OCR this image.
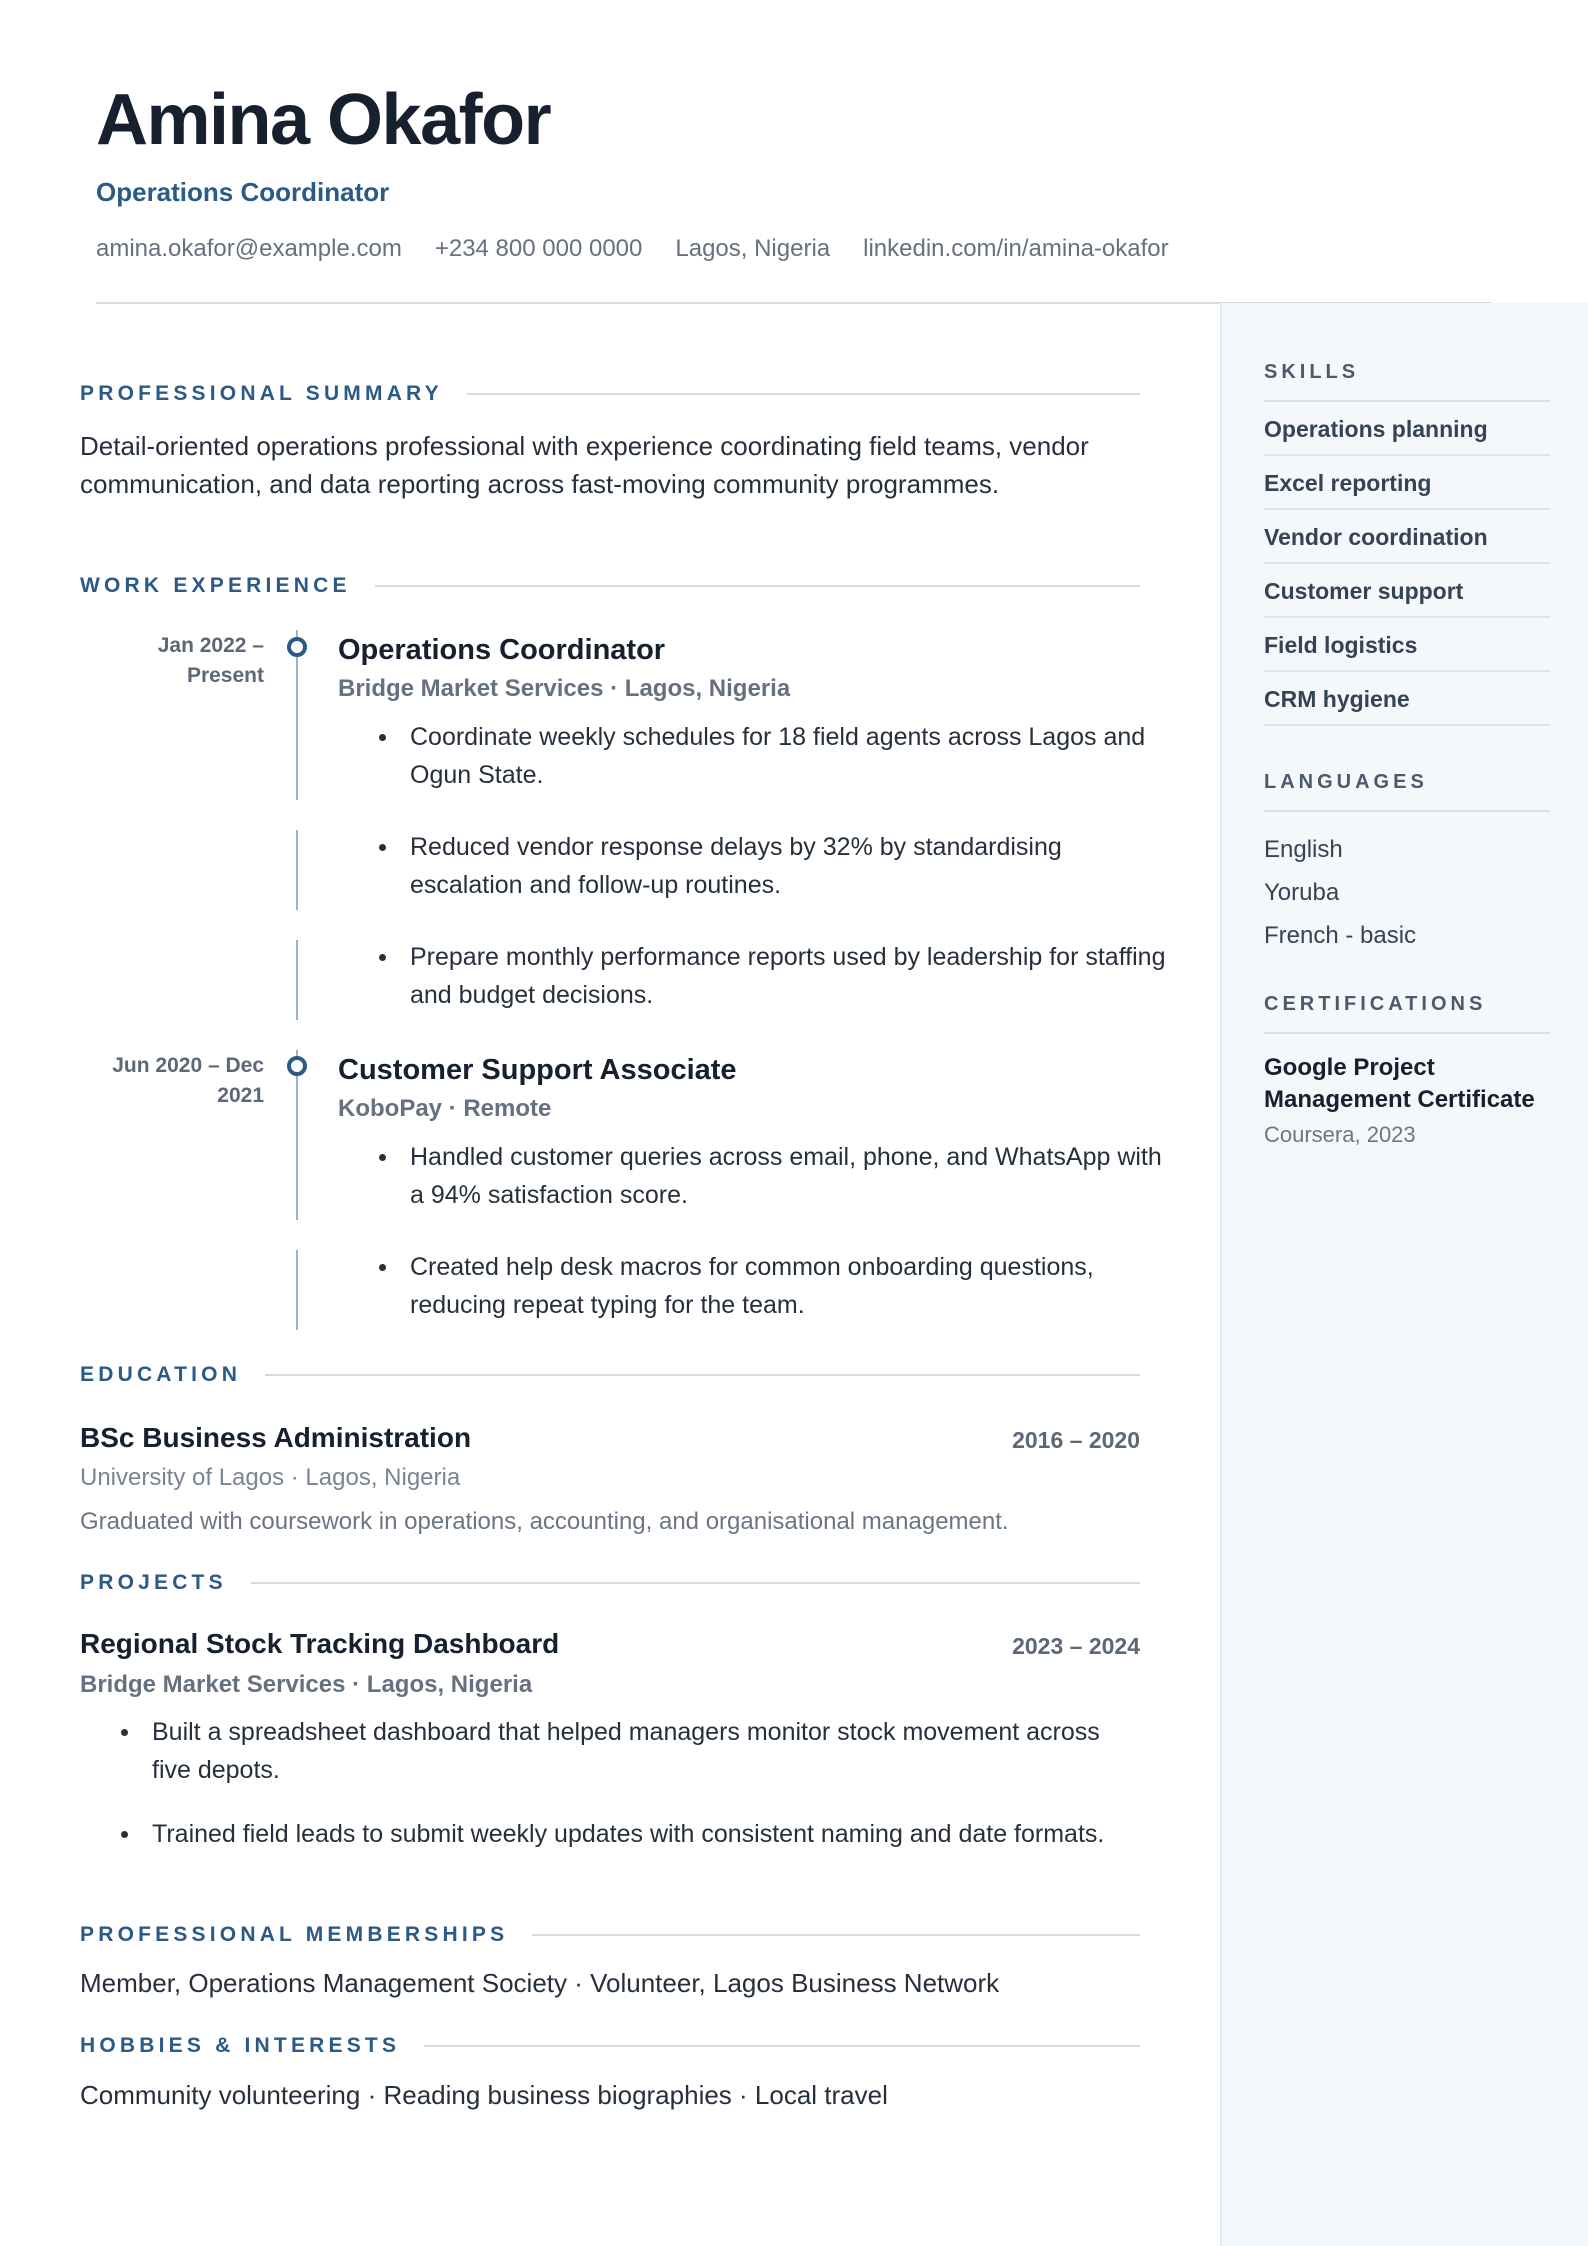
Amina Okafor
Operations Coordinator
amina.okafor@example.com +234 800 000 0000 Lagos, Nigeria linkedin.com/in/amina-okafor
SKILLS
Operations planning
Excel reporting
Vendor coordination
Customer support
Field logistics
CRM hygiene
LANGUAGES
English
Yoruba
French - basic
CERTIFICATIONS
Google Project Management Certificate
Coursera, 2023
PROFESSIONAL SUMMARY
Detail-oriented operations professional with experience coordinating field teams, vendor communication, and data reporting across fast-moving community programmes.
WORK EXPERIENCE
Jan 2022 –
Present
Operations Coordinator
Bridge Market Services · Lagos, Nigeria
Coordinate weekly schedules for 18 field agents across Lagos and Ogun State.
Reduced vendor response delays by 32% by standardising escalation and follow-up routines.
Prepare monthly performance reports used by leadership for staffing and budget decisions.
Jun 2020 – Dec
2021
Customer Support Associate
KoboPay · Remote
Handled customer queries across email, phone, and WhatsApp with a 94% satisfaction score.
Created help desk macros for common onboarding questions, reducing repeat typing for the team.
EDUCATION
BSc Business Administration	2016 – 2020
University of Lagos · Lagos, Nigeria
Graduated with coursework in operations, accounting, and organisational management.
PROJECTS
Regional Stock Tracking Dashboard	2023 – 2024
Bridge Market Services · Lagos, Nigeria
Built a spreadsheet dashboard that helped managers monitor stock movement across five depots.
Trained field leads to submit weekly updates with consistent naming and date formats.
PROFESSIONAL MEMBERSHIPS
Member, Operations Management Society · Volunteer, Lagos Business Network
HOBBIES & INTERESTS
Community volunteering · Reading business biographies · Local travel
